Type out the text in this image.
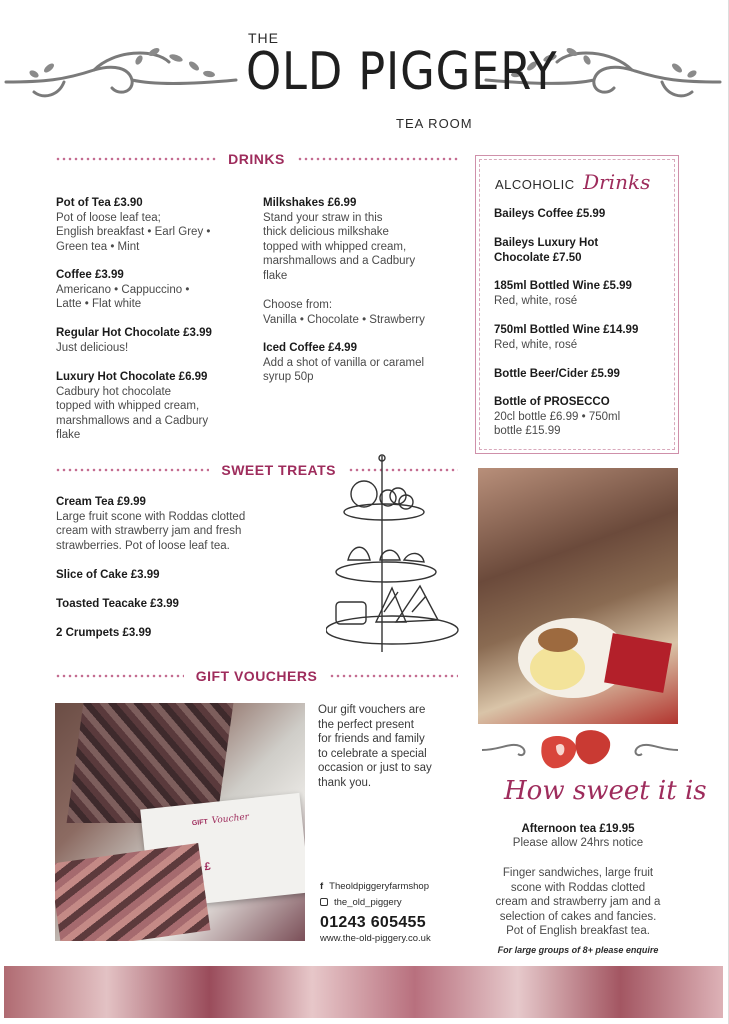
THE
OLD PIGGERY
TEA ROOM
DRINKS
Pot of Tea £3.90
Pot of loose leaf tea;
English breakfast • Earl Grey •
Green tea • Mint
Coffee £3.99
Americano • Cappuccino •
Latte • Flat white
Regular Hot Chocolate £3.99
Just delicious!
Luxury Hot Chocolate £6.99
Cadbury hot chocolate
topped with whipped cream,
marshmallows and a Cadbury
flake
Milkshakes £6.99
Stand your straw in this
thick delicious milkshake
topped with whipped cream,
marshmallows and a Cadbury
flake

Choose from:
Vanilla • Chocolate • Strawberry
Iced Coffee £4.99
Add a shot of vanilla or caramel
syrup 50p
ALCOHOLIC Drinks
Baileys Coffee £5.99
Baileys Luxury Hot
Chocolate £7.50
185ml Bottled Wine £5.99
Red, white, rosé
750ml Bottled Wine £14.99
Red, white, rosé
Bottle Beer/Cider £5.99
Bottle of PROSECCO
20cl bottle £6.99 • 750ml
bottle £15.99
SWEET TREATS
Cream Tea £9.99
Large fruit scone with Roddas clotted
cream with strawberry jam and fresh
strawberries. Pot of loose leaf tea.
Slice of Cake £3.99
Toasted Teacake £3.99
2 Crumpets £3.99
GIFT VOUCHERS
GIFT Voucher
£
Our gift vouchers are
the perfect present
for friends and family
to celebrate a special
occasion or just to say
thank you.
f Theoldpiggeryfarmshop
the_old_piggery
01243 605455
www.the-old-piggery.co.uk
How sweet it is
Afternoon tea £19.95
Please allow 24hrs notice
Finger sandwiches, large fruit
scone with Roddas clotted
cream and strawberry jam and a
selection of cakes and fancies.
Pot of English breakfast tea.
For large groups of 8+ please enquire
